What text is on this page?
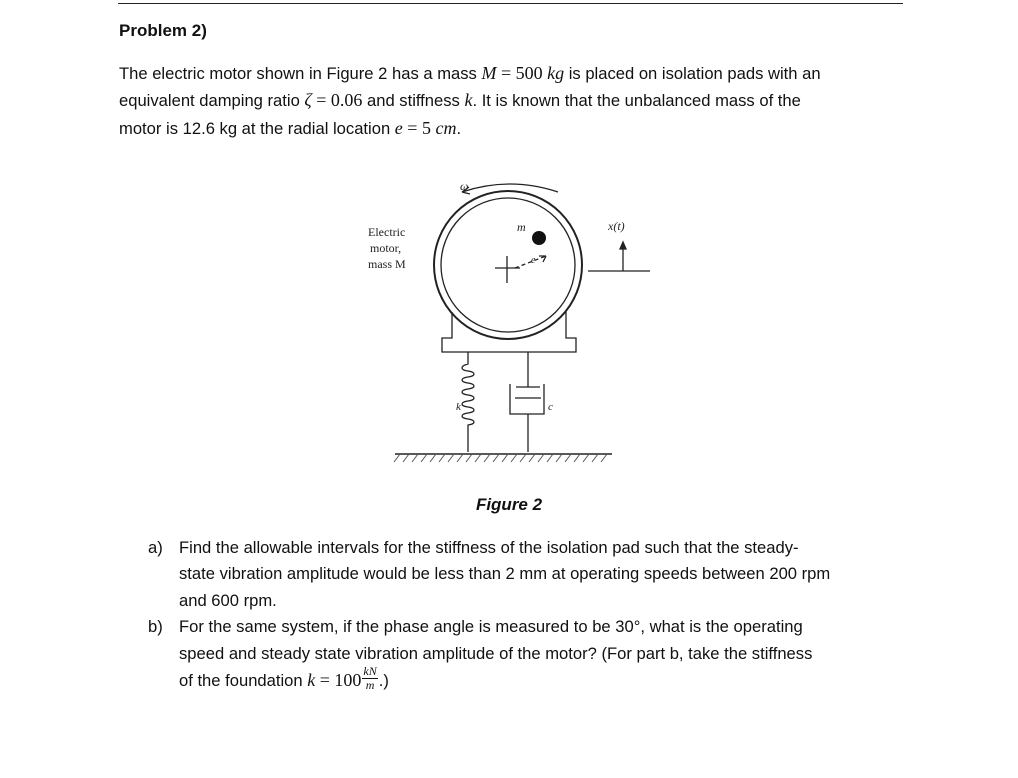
Problem 2)
The electric motor shown in Figure 2 has a mass M = 500 kg is placed on isolation pads with an
equivalent damping ratio ζ = 0.06 and stiffness k. It is known that the unbalanced mass of the
motor is 12.6 kg at the radial location e = 5 cm.
Electric
motor,
mass M
ω
m
e
x(t)
k	c
Figure 2
a) Find the allowable intervals for the stiffness of the isolation pad such that the steady-
state vibration amplitude would be less than 2 mm at operating speeds between 200 rpm
and 600 rpm.
b) For the same system, if the phase angle is measured to be 30°, what is the operating
speed and steady state vibration amplitude of the motor? (For part b, take the stiffness
of the foundation $k = 100 \frac{kN}{m}$ .)
